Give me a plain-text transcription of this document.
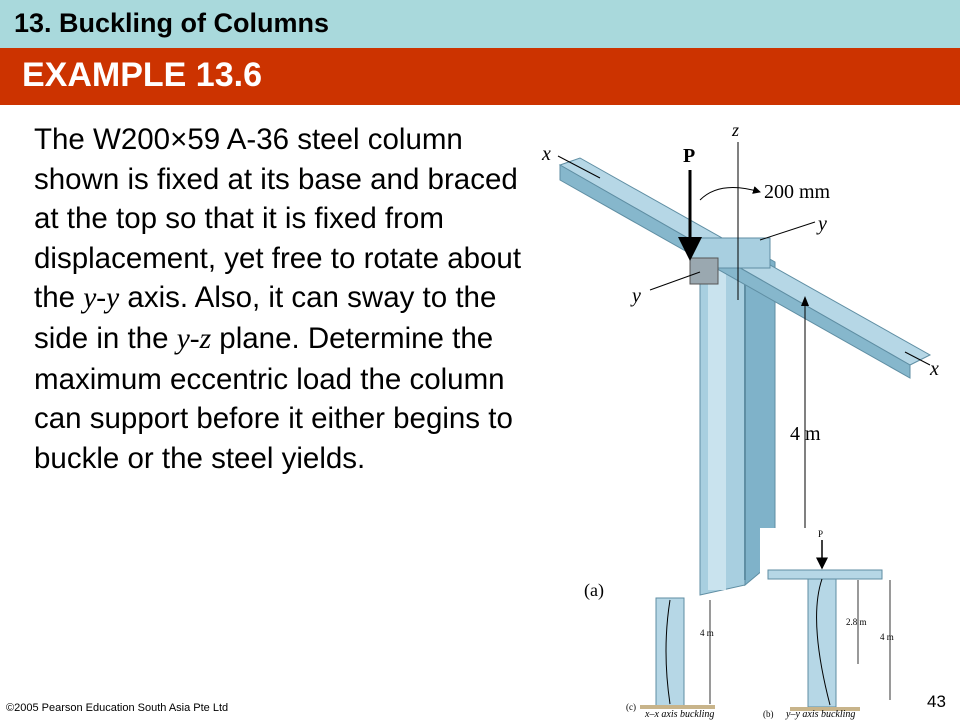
13. Buckling of Columns
EXAMPLE 13.6

The W200×59 A-36 steel column shown is fixed at its base and braced at the top so that it is fixed from displacement, yet free to rotate about the y-y axis. Also, it can sway to the side in the y-z plane. Determine the maximum eccentric load the column can support before it either begins to buckle or the steel yields.

P
z
x
x
y
y
200 mm
4 m
(a)
P
2.8 m
4 m
(b) y–y axis buckling
4 m
(c)
x–x axis buckling
©2005 Pearson Education South Asia Pte Ltd	43
